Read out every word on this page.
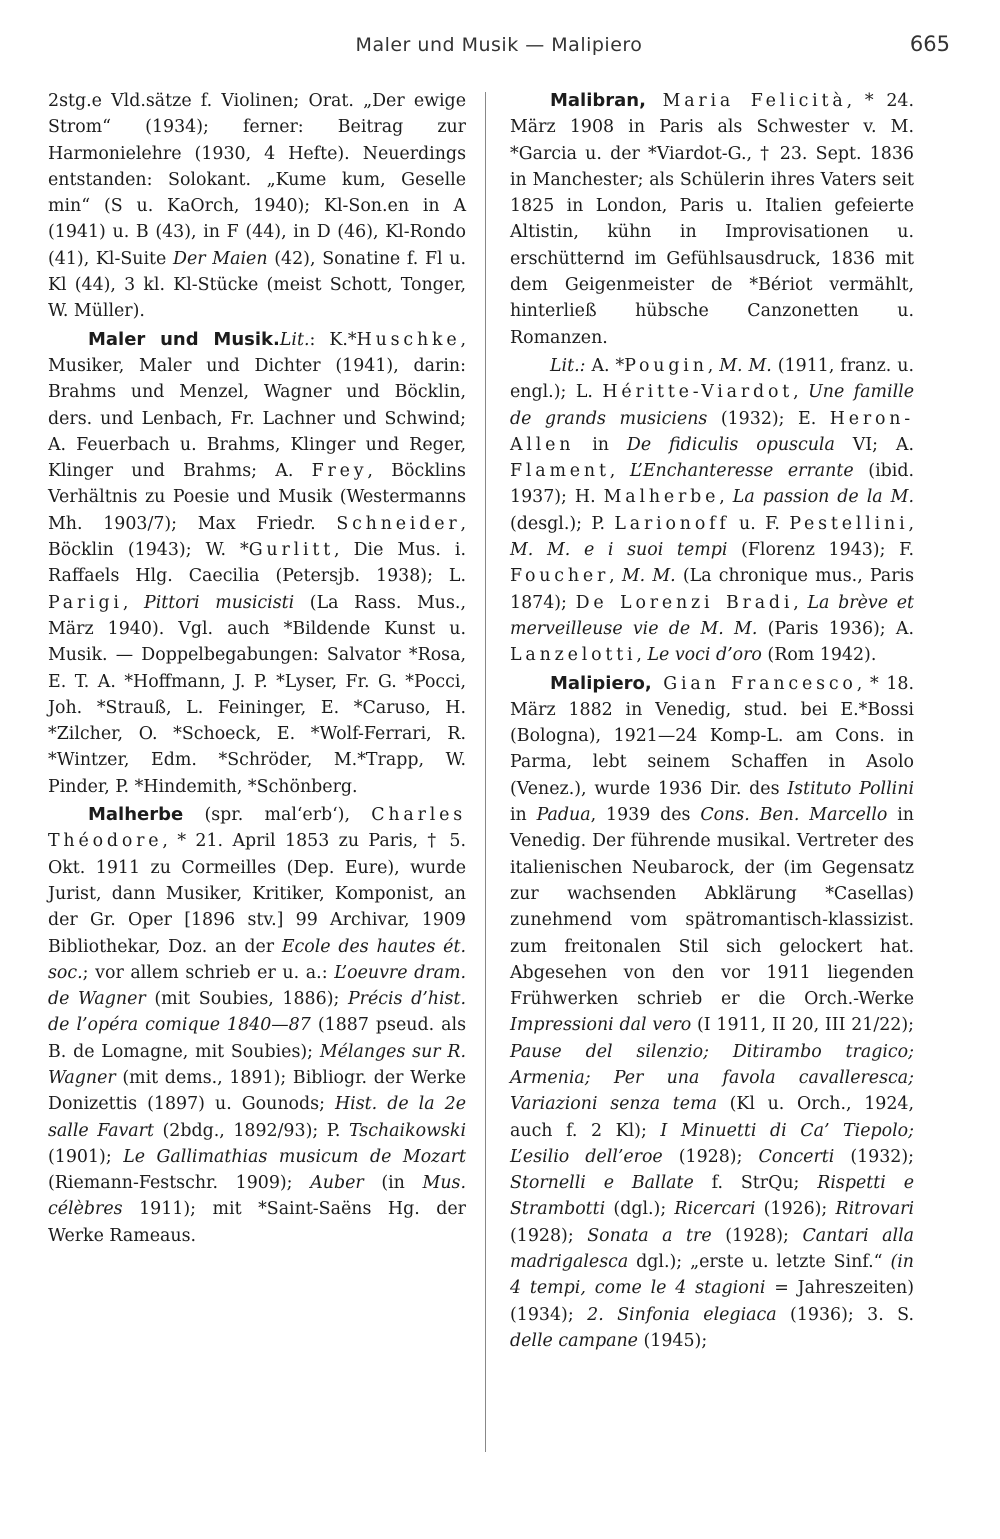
Maler und Musik — Malipiero	665

2stg.e Vld.sätze f. Violinen; Orat. „Der ewige Strom“ (1934); ferner: Beitrag zur Harmonielehre (1930, 4 Hefte). Neuerdings entstanden: Solokant. „Kume kum, Geselle min“ (S u. KaOrch, 1940); Kl-Son.en in A (1941) u. B (43), in F (44), in D (46), Kl-Rondo (41), Kl-Suite Der Maien (42), Sonatine f. Fl u. Kl (44), 3 kl. Kl-Stücke (meist Schott, Tonger, W. Müller).

Maler und Musik.Lit.: K.*Huschke, Musiker, Maler und Dichter (1941), darin: Brahms und Menzel, Wagner und Böcklin, ders. und Lenbach, Fr. Lachner und Schwind; A. Feuerbach u. Brahms, Klinger und Reger, Klinger und Brahms; A. Frey, Böcklins Verhältnis zu Poesie und Musik (Westermanns Mh. 1903/7); Max Friedr. Schneider, Böcklin (1943); W. *Gurlitt, Die Mus. i. Raffaels Hlg. Caecilia (Petersjb. 1938); L. Parigi, Pittori musicisti (La Rass. Mus., März 1940). Vgl. auch *Bildende Kunst u. Musik. — Doppelbegabungen: Salvator *Rosa, E. T. A. *Hoffmann, J. P. *Lyser, Fr. G. *Pocci, Joh. *Strauß, L. Feininger, E. *Caruso, H. *Zilcher, O. *Schoeck, E. *Wolf-Ferrari, R. *Wintzer, Edm. *Schröder, M.*Trapp, W. Pinder, P. *Hindemith, *Schönberg.

Malherbe (spr. mal‘erb‘), Charles Théodore, * 21. April 1853 zu Paris, † 5. Okt. 1911 zu Cormeilles (Dep. Eure), wurde Jurist, dann Musiker, Kritiker, Komponist, an der Gr. Oper [1896 stv.] 99 Archivar, 1909 Bibliothekar, Doz. an der Ecole des hautes ét. soc.; vor allem schrieb er u. a.: L’oeuvre dram. de Wagner (mit Soubies, 1886); Précis d’hist. de l’opéra comique 1840—87 (1887 pseud. als B. de Lomagne, mit Soubies); Mélanges sur R. Wagner (mit dems., 1891); Bibliogr. der Werke Donizettis (1897) u. Gounods; Hist. de la 2e salle Favart (2bdg., 1892/93); P. Tschaikowski (1901); Le Gallimathias musicum de Mozart (Riemann-Festschr. 1909); Auber (in Mus. célèbres 1911); mit *Saint-Saëns Hg. der Werke Rameaus.

Malibran, Maria Felicità, * 24. März 1908 in Paris als Schwester v. M. *Garcia u. der *Viardot-G., † 23. Sept. 1836 in Manchester; als Schülerin ihres Vaters seit 1825 in London, Paris u. Italien gefeierte Altistin, kühn in Improvisationen u. erschütternd im Gefühlsausdruck, 1836 mit dem Geigenmeister de *Bériot vermählt, hinterließ hübsche Canzonetten u. Romanzen.

Lit.: A. *Pougin, M. M. (1911, franz. u. engl.); L. Héritte-Viardot, Une famille de grands musiciens (1932); E. Heron-Allen in De fidiculis opuscula VI; A. Flament, L’Enchanteresse errante (ibid. 1937); H. Malherbe, La passion de la M. (desgl.); P. Larionoff u. F. Pestellini, M. M. e i suoi tempi (Florenz 1943); F. Foucher, M. M. (La chronique mus., Paris 1874); De Lorenzi Bradi, La brève et merveilleuse vie de M. M. (Paris 1936); A. Lanzelotti, Le voci d’oro (Rom 1942).

Malipiero, Gian Francesco, * 18. März 1882 in Venedig, stud. bei E.*Bossi (Bologna), 1921—24 Komp-L. am Cons. in Parma, lebt seinem Schaffen in Asolo (Venez.), wurde 1936 Dir. des Istituto Pollini in Padua, 1939 des Cons. Ben. Marcello in Venedig. Der führende musikal. Vertreter des italienischen Neubarock, der (im Gegensatz zur wachsenden Abklärung *Casellas) zunehmend vom spätromantisch-klassizist. zum freitonalen Stil sich gelockert hat. Abgesehen von den vor 1911 liegenden Frühwerken schrieb er die Orch.-Werke Impressioni dal vero (I 1911, II 20, III 21/22); Pause del silenzio; Ditirambo tragico; Armenia; Per una favola cavalleresca; Variazioni senza tema (Kl u. Orch., 1924, auch f. 2 Kl); I Minuetti di Ca’ Tiepolo; L’esilio dell’eroe (1928); Concerti (1932); Stornelli e Ballate f. StrQu; Rispetti e Strambotti (dgl.); Ricercari (1926); Ritrovari (1928); Sonata a tre (1928); Cantari alla madrigalesca dgl.); „erste u. letzte Sinf.“ (in 4 tempi, come le 4 stagioni = Jahreszeiten) (1934); 2. Sinfonia elegiaca (1936); 3. S. delle campane (1945);
